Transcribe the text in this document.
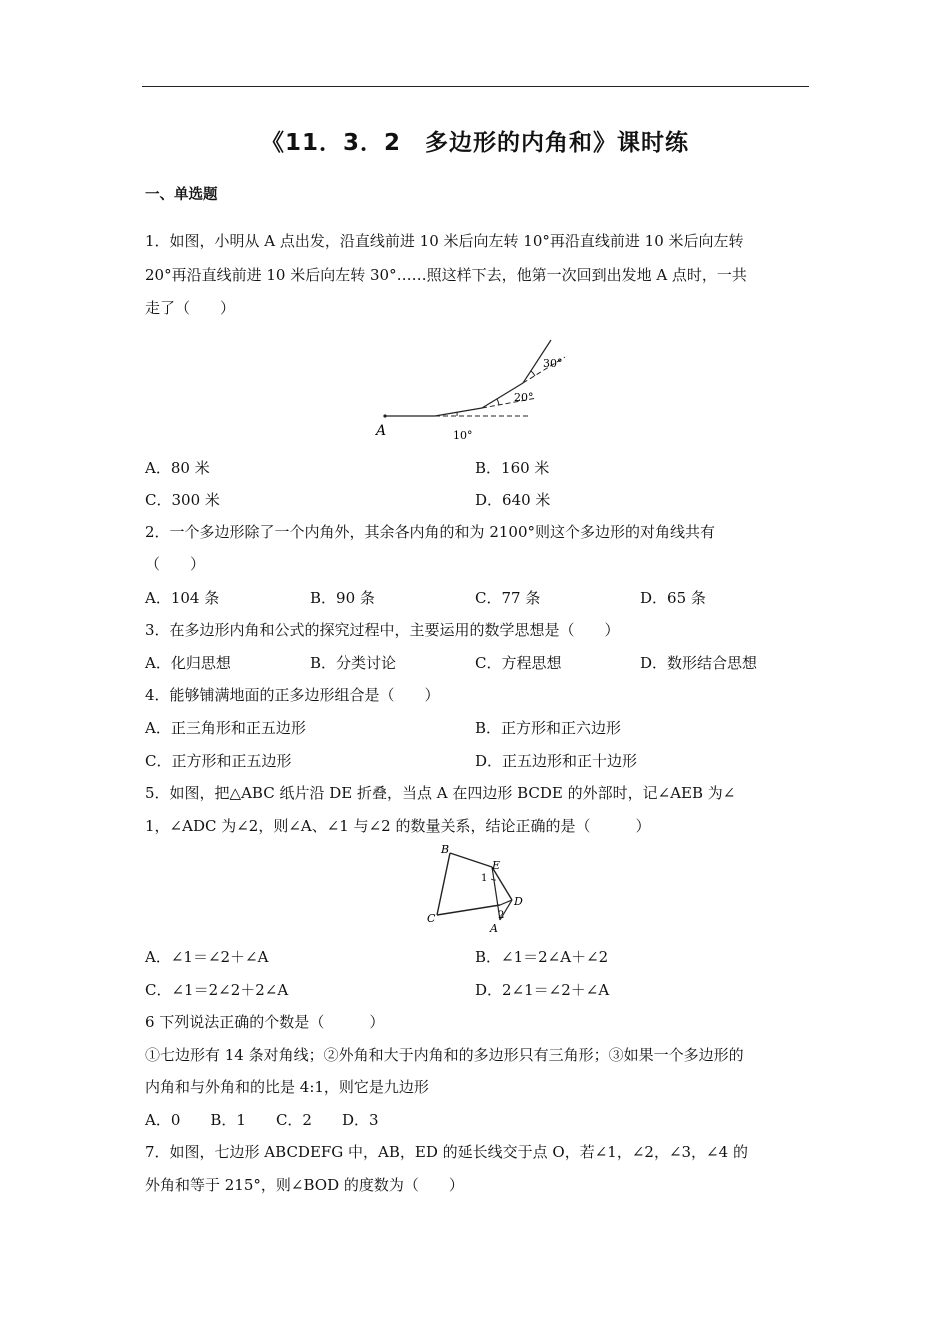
《11．3．2　多边形的内角和》课时练
一、单选题
1．如图，小明从 A 点出发，沿直线前进 10 米后向左转 10°再沿直线前进 10 米后向左转
20°再沿直线前进 10 米后向左转 30°……照这样下去，他第一次回到出发地 A 点时，一共
走了（　　）
A	10°
20°
30°
A．80 米	B．160 米
C．300 米	D．640 米
2．一个多边形除了一个内角外，其余各内角的和为 2100°则这个多边形的对角线共有
（　　）
A．104 条	B．90 条	C．77 条	D．65 条
3．在多边形内角和公式的探究过程中，主要运用的数学思想是（　　）
A．化归思想	B．分类讨论	C．方程思想	D．数形结合思想
4．能够铺满地面的正多边形组合是（　　）
A．正三角形和正五边形	B．正方形和正六边形
C．正方形和正五边形	D．正五边形和正十边形
5．如图，把△ABC 纸片沿 DE 折叠，当点 A 在四边形 BCDE 的外部时，记∠AEB 为∠
1，∠ADC 为∠2，则∠A、∠1 与∠2 的数量关系，结论正确的是（　　　）
B
E
C
D
A
1
2
A．∠1＝∠2＋∠A	B．∠1＝2∠A＋∠2
C．∠1＝2∠2＋2∠A	D．2∠1＝∠2＋∠A
6 下列说法正确的个数是（　　　）
①七边形有 14 条对角线；②外角和大于内角和的多边形只有三角形；③如果一个多边形的
内角和与外角和的比是 4:1，则它是九边形
A．0　　B．1　　C．2　　D．3
7．如图，七边形 ABCDEFG 中，AB，ED 的延长线交于点 O，若∠1，∠2，∠3，∠4 的
外角和等于 215°，则∠BOD 的度数为（　　）
